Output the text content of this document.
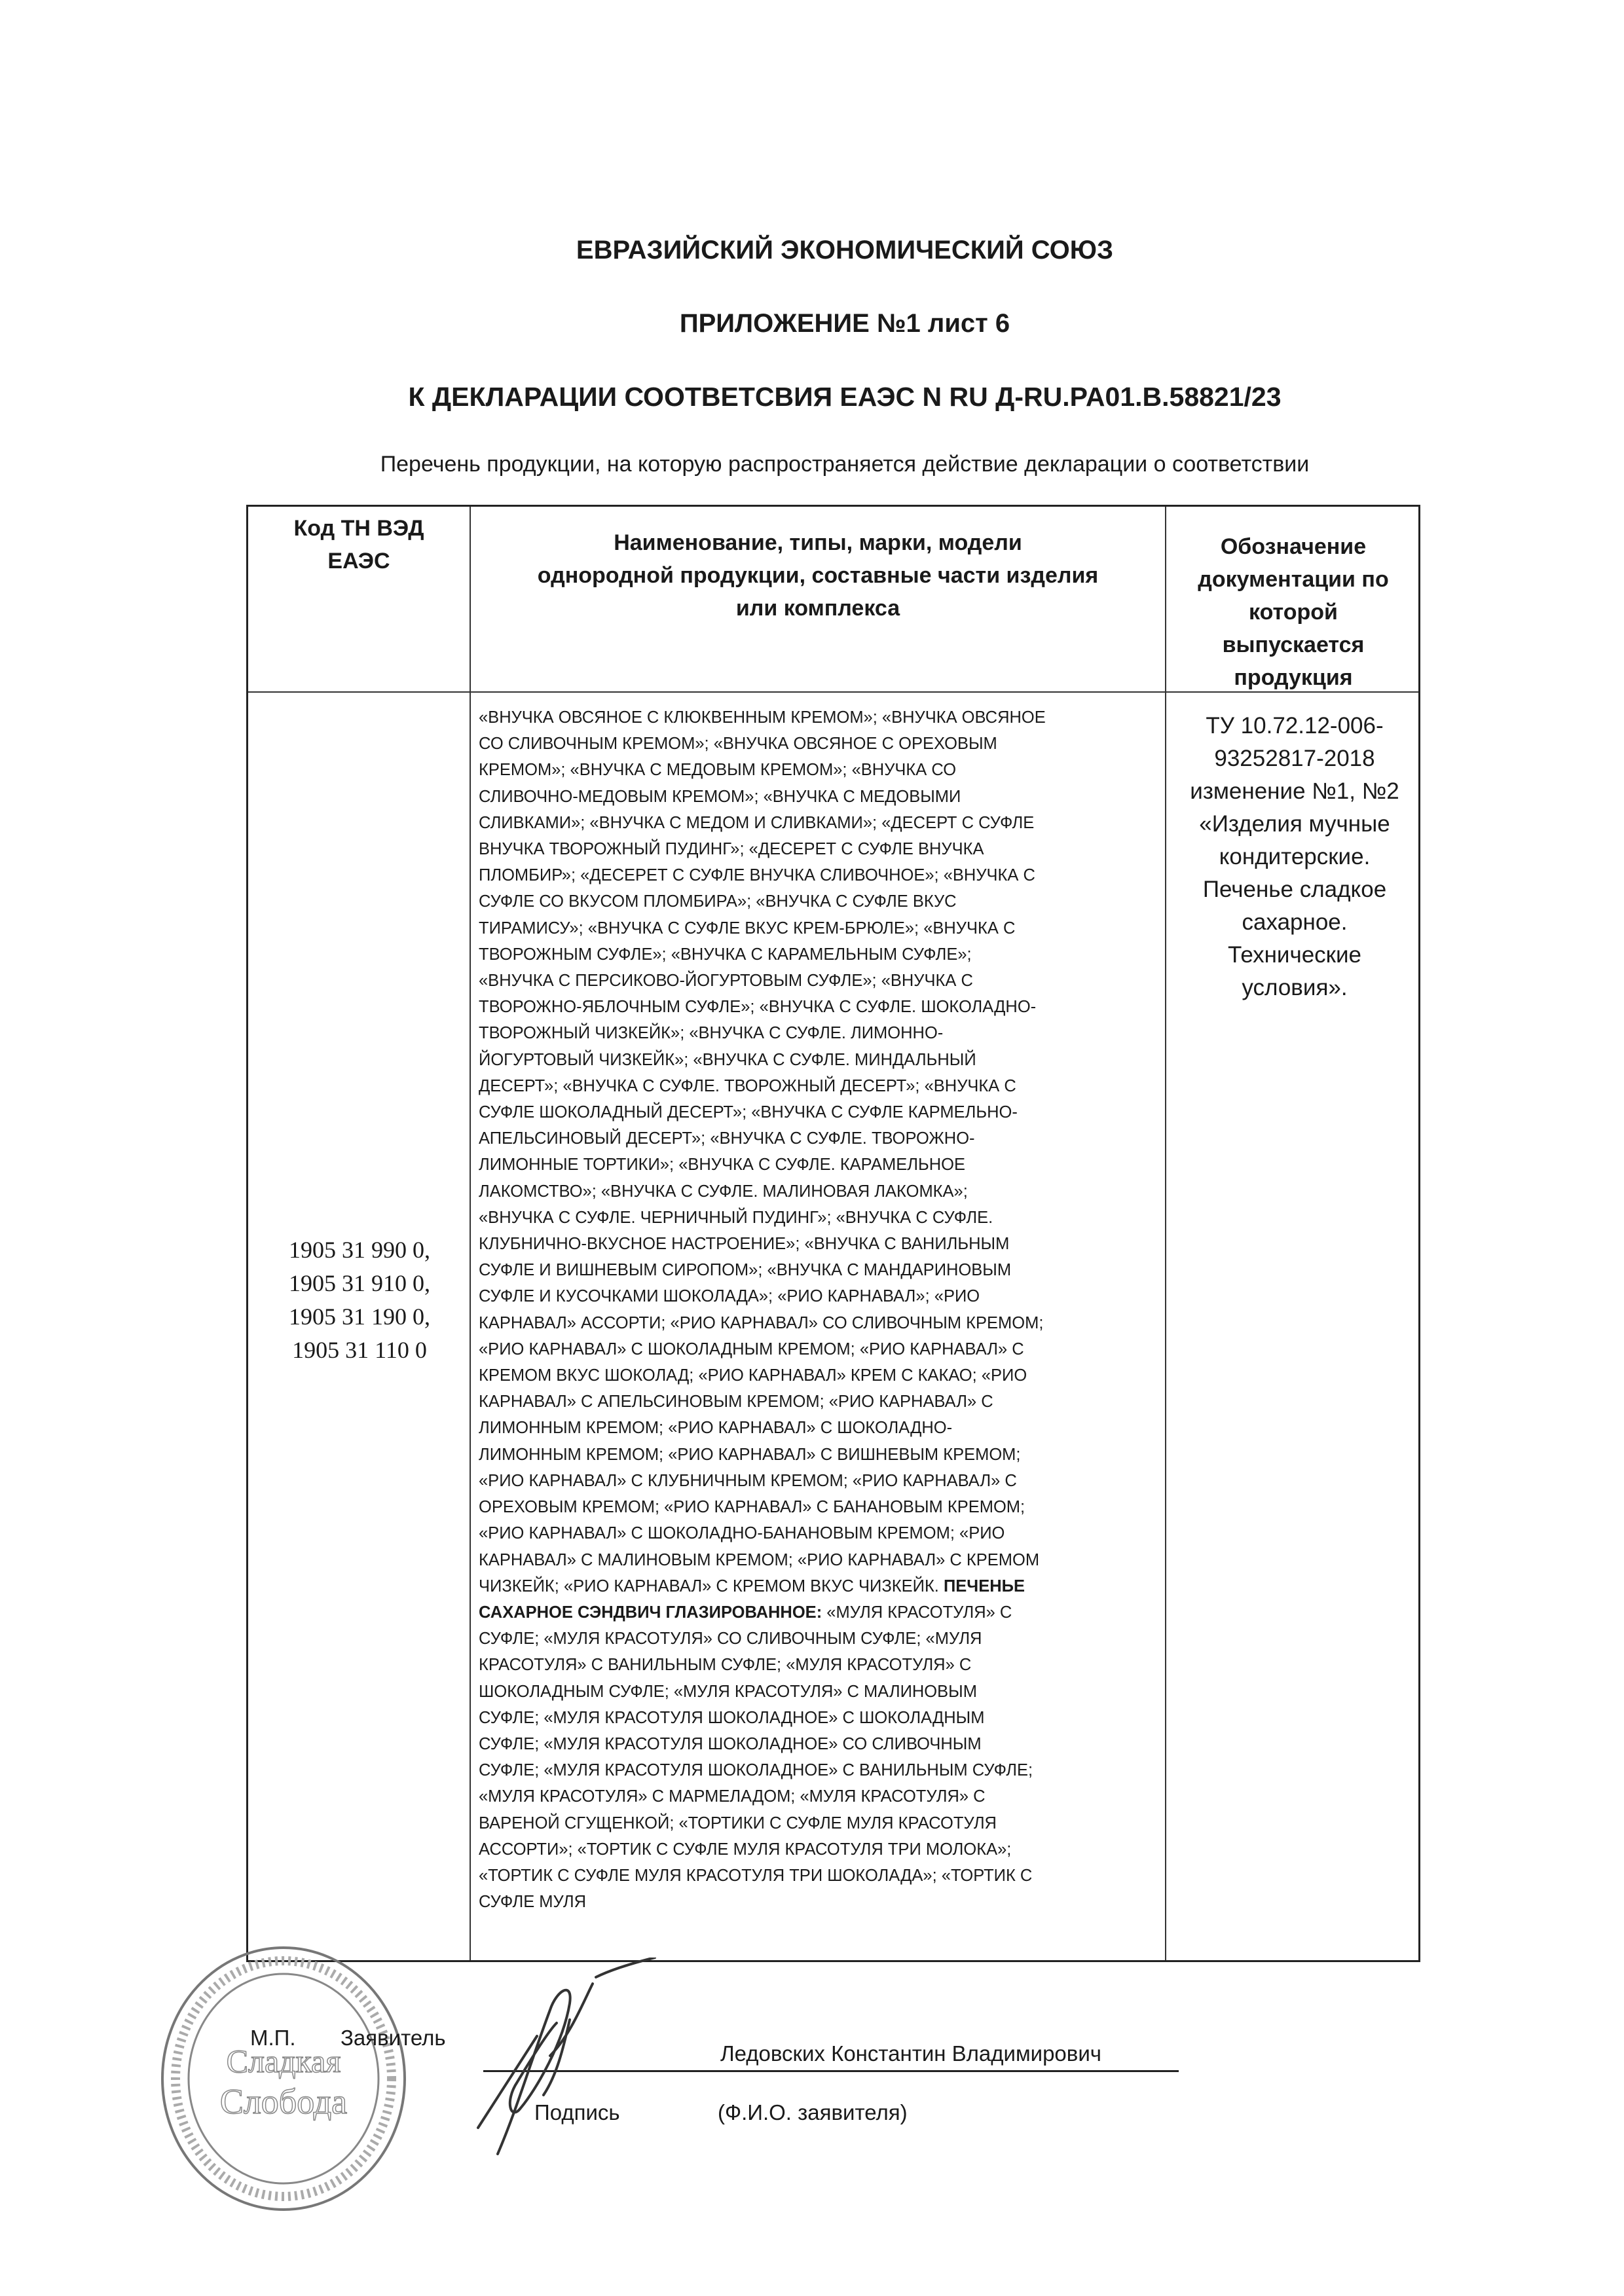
ЕВРАЗИЙСКИЙ ЭКОНОМИЧЕСКИЙ СОЮЗ
ПРИЛОЖЕНИЕ №1 лист 6
К ДЕКЛАРАЦИИ СООТВЕТСВИЯ ЕАЭС N RU Д-RU.PA01.B.58821/23
Перечень продукции, на которую распространяется действие декларации о соответствии
Код ТН ВЭД
ЕАЭС
Наименование, типы, марки, модели
однородной продукции, составные части изделия
или комплекса
Обозначение
документации по
которой
выпускается
продукция
1905 31 990 0,
1905 31 910 0,
1905 31 190 0,
1905 31 110 0
«ВНУЧКА ОВСЯНОЕ С КЛЮКВЕННЫМ КРЕМОМ»; «ВНУЧКА ОВСЯНОЕ
СО СЛИВОЧНЫМ КРЕМОМ»; «ВНУЧКА ОВСЯНОЕ С ОРЕХОВЫМ
КРЕМОМ»; «ВНУЧКА С МЕДОВЫМ КРЕМОМ»; «ВНУЧКА СО
СЛИВОЧНО-МЕДОВЫМ КРЕМОМ»; «ВНУЧКА С МЕДОВЫМИ
СЛИВКАМИ»; «ВНУЧКА С МЕДОМ И СЛИВКАМИ»; «ДЕСЕРТ С СУФЛЕ
ВНУЧКА ТВОРОЖНЫЙ ПУДИНГ»; «ДЕСЕРЕТ С СУФЛЕ ВНУЧКА
ПЛОМБИР»; «ДЕСЕРЕТ С СУФЛЕ ВНУЧКА СЛИВОЧНОЕ»; «ВНУЧКА С
СУФЛЕ СО ВКУСОМ ПЛОМБИРА»; «ВНУЧКА С СУФЛЕ ВКУС
ТИРАМИСУ»; «ВНУЧКА С СУФЛЕ ВКУС КРЕМ-БРЮЛЕ»; «ВНУЧКА С
ТВОРОЖНЫМ СУФЛЕ»; «ВНУЧКА С КАРАМЕЛЬНЫМ СУФЛЕ»;
«ВНУЧКА С ПЕРСИКОВО-ЙОГУРТОВЫМ СУФЛЕ»; «ВНУЧКА С
ТВОРОЖНО-ЯБЛОЧНЫМ СУФЛЕ»; «ВНУЧКА С СУФЛЕ. ШОКОЛАДНО-
ТВОРОЖНЫЙ ЧИЗКЕЙК»; «ВНУЧКА С СУФЛЕ. ЛИМОННО-
ЙОГУРТОВЫЙ ЧИЗКЕЙК»; «ВНУЧКА С СУФЛЕ. МИНДАЛЬНЫЙ
ДЕСЕРТ»; «ВНУЧКА С СУФЛЕ. ТВОРОЖНЫЙ ДЕСЕРТ»; «ВНУЧКА С
СУФЛЕ ШОКОЛАДНЫЙ ДЕСЕРТ»; «ВНУЧКА С СУФЛЕ КАРМЕЛЬНО-
АПЕЛЬСИНОВЫЙ ДЕСЕРТ»; «ВНУЧКА С СУФЛЕ. ТВОРОЖНО-
ЛИМОННЫЕ ТОРТИКИ»; «ВНУЧКА С СУФЛЕ. КАРАМЕЛЬНОЕ
ЛАКОМСТВО»; «ВНУЧКА С СУФЛЕ. МАЛИНОВАЯ ЛАКОМКА»;
«ВНУЧКА С СУФЛЕ. ЧЕРНИЧНЫЙ ПУДИНГ»; «ВНУЧКА С СУФЛЕ.
КЛУБНИЧНО-ВКУСНОЕ НАСТРОЕНИЕ»; «ВНУЧКА С ВАНИЛЬНЫМ
СУФЛЕ И ВИШНЕВЫМ СИРОПОМ»; «ВНУЧКА С МАНДАРИНОВЫМ
СУФЛЕ И КУСОЧКАМИ ШОКОЛАДА»; «РИО КАРНАВАЛ»; «РИО
КАРНАВАЛ» АССОРТИ; «РИО КАРНАВАЛ» СО СЛИВОЧНЫМ КРЕМОМ;
«РИО КАРНАВАЛ» С ШОКОЛАДНЫМ КРЕМОМ; «РИО КАРНАВАЛ» С
КРЕМОМ ВКУС ШОКОЛАД; «РИО КАРНАВАЛ» КРЕМ С КАКАО; «РИО
КАРНАВАЛ» С АПЕЛЬСИНОВЫМ КРЕМОМ; «РИО КАРНАВАЛ» С
ЛИМОННЫМ КРЕМОМ; «РИО КАРНАВАЛ» С ШОКОЛАДНО-
ЛИМОННЫМ КРЕМОМ; «РИО КАРНАВАЛ» С ВИШНЕВЫМ КРЕМОМ;
«РИО КАРНАВАЛ» С КЛУБНИЧНЫМ КРЕМОМ; «РИО КАРНАВАЛ» С
ОРЕХОВЫМ КРЕМОМ; «РИО КАРНАВАЛ» С БАНАНОВЫМ КРЕМОМ;
«РИО КАРНАВАЛ» С ШОКОЛАДНО-БАНАНОВЫМ КРЕМОМ; «РИО
КАРНАВАЛ» С МАЛИНОВЫМ КРЕМОМ; «РИО КАРНАВАЛ» С КРЕМОМ
ЧИЗКЕЙК; «РИО КАРНАВАЛ» С КРЕМОМ ВКУС ЧИЗКЕЙК. ПЕЧЕНЬЕ
САХАРНОЕ СЭНДВИЧ ГЛАЗИРОВАННОЕ: «МУЛЯ КРАСОТУЛЯ» С
СУФЛЕ; «МУЛЯ КРАСОТУЛЯ» СО СЛИВОЧНЫМ СУФЛЕ; «МУЛЯ
КРАСОТУЛЯ» С ВАНИЛЬНЫМ СУФЛЕ; «МУЛЯ КРАСОТУЛЯ» С
ШОКОЛАДНЫМ СУФЛЕ; «МУЛЯ КРАСОТУЛЯ» С МАЛИНОВЫМ
СУФЛЕ; «МУЛЯ КРАСОТУЛЯ ШОКОЛАДНОЕ» С ШОКОЛАДНЫМ
СУФЛЕ; «МУЛЯ КРАСОТУЛЯ ШОКОЛАДНОЕ» СО СЛИВОЧНЫМ
СУФЛЕ; «МУЛЯ КРАСОТУЛЯ ШОКОЛАДНОЕ» С ВАНИЛЬНЫМ СУФЛЕ;
«МУЛЯ КРАСОТУЛЯ» С МАРМЕЛАДОМ; «МУЛЯ КРАСОТУЛЯ» С
ВАРЕНОЙ СГУЩЕНКОЙ; «ТОРТИКИ С СУФЛЕ МУЛЯ КРАСОТУЛЯ
АССОРТИ»; «ТОРТИК С СУФЛЕ МУЛЯ КРАСОТУЛЯ ТРИ МОЛОКА»;
«ТОРТИК С СУФЛЕ МУЛЯ КРАСОТУЛЯ ТРИ ШОКОЛАДА»; «ТОРТИК С
СУФЛЕ МУЛЯ
ТУ 10.72.12-006-
93252817-2018
изменение №1, №2
«Изделия мучные
кондитерские.
Печенье сладкое
сахарное.
Технические
условия».
Сладкая
Слобода
М.П. Заявитель
Ледовских Константин Владимирович
Подпись	(Ф.И.О. заявителя)
